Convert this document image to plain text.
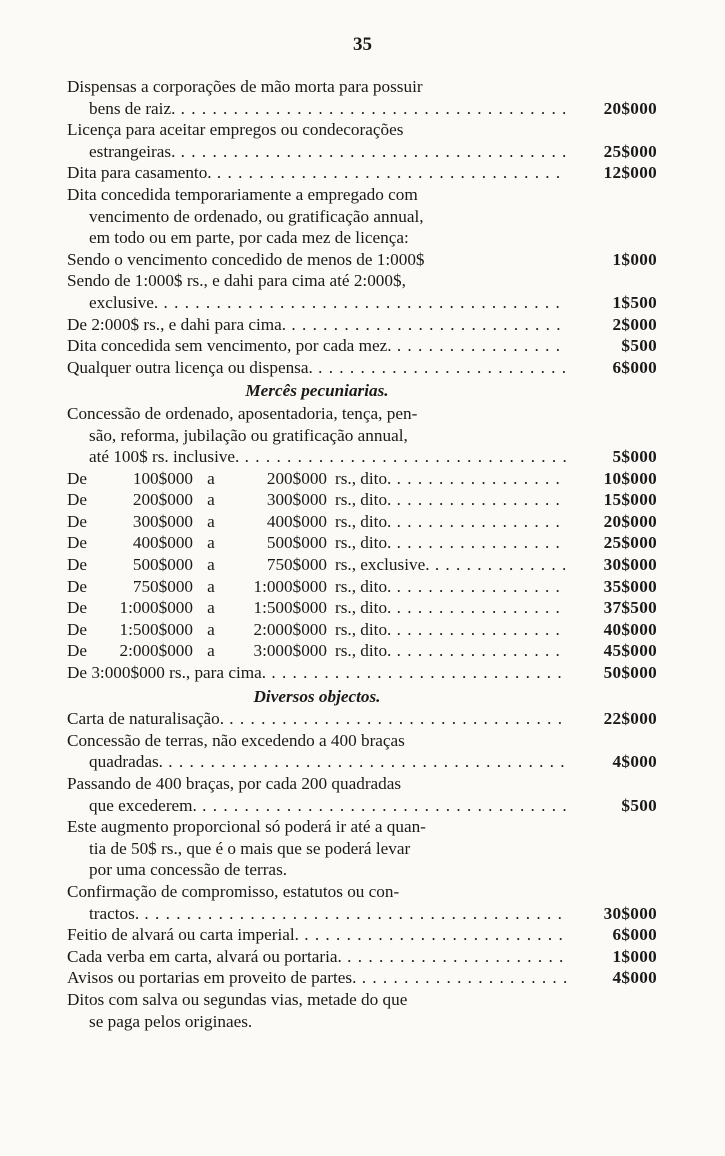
35
Dispensas a corporações de mão morta para possuir
bens de raiz. . . .	20$000
Licença para aceitar empregos ou condecorações
estrangeiras. . . .	25$000
Dita para casamento. . . .	12$000
Dita concedida temporariamente a empregado com
vencimento de ordenado, ou gratificação annual,
em todo ou em parte, por cada mez de licença:
Sendo o vencimento concedido de menos de 1:000$	1$000
Sendo de 1:000$ rs., e dahi para cima até 2:000$,
exclusive. . . .	1$500
De 2:000$ rs., e dahi para cima. . . .	2$000
Dita concedida sem vencimento, por cada mez. . . .	$500
Qualquer outra licença ou dispensa. . . .	6$000
Mercês pecuniarias.
Concessão de ordenado, aposentadoria, tença, pen-
são, reforma, jubilação ou gratificação annual,
até 100$ rs. inclusive. . . .	5$000
De	100$000 a	200$000 rs., dito. . . .	10$000
De	200$000 a	300$000 rs., dito. . . .	15$000
De	300$000 a	400$000 rs., dito. . . .	20$000
De	400$000 a	500$000 rs., dito. . . .	25$000
De	500$000 a	750$000 rs., exclusive. . . .	30$000
De	750$000 a	1:000$000 rs., dito. . . .	35$000
De	1:000$000 a	1:500$000 rs., dito. . . .	37$500
De	1:500$000 a	2:000$000 rs., dito. . . .	40$000
De	2:000$000 a	3:000$000 rs., dito. . . .	45$000
De 3:000$000 rs., para cima. . . .	50$000
Diversos objectos.
Carta de naturalisação. . . .	22$000
Concessão de terras, não excedendo a 400 braças
quadradas. . . .	4$000
Passando de 400 braças, por cada 200 quadradas
que excederem. . . .	$500
Este augmento proporcional só poderá ir até a quan-
tia de 50$ rs., que é o mais que se poderá levar
por uma concessão de terras.
Confirmação de compromisso, estatutos ou con-
tractos. . . .	30$000
Feitio de alvará ou carta imperial. . . .	6$000
Cada verba em carta, alvará ou portaria. . . .	1$000
Avisos ou portarias em proveito de partes. . . .	4$000
Ditos com salva ou segundas vias, metade do que
se paga pelos originaes.
